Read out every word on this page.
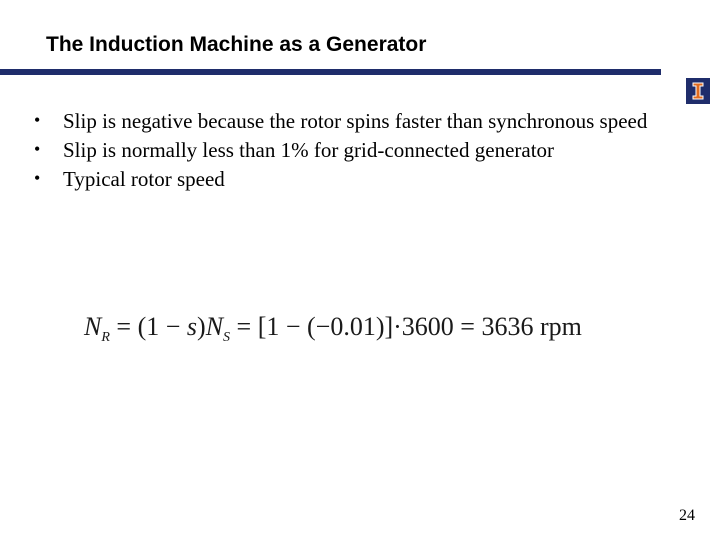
The Induction Machine as a Generator
• Slip is negative because the rotor spins faster than synchronous speed
• Slip is normally less than 1% for grid-connected generator
• Typical rotor speed
$N_R = (1 - s)N_S = [1 - (-0.01)]\cdot 3600 = 3636$ rpm
24
